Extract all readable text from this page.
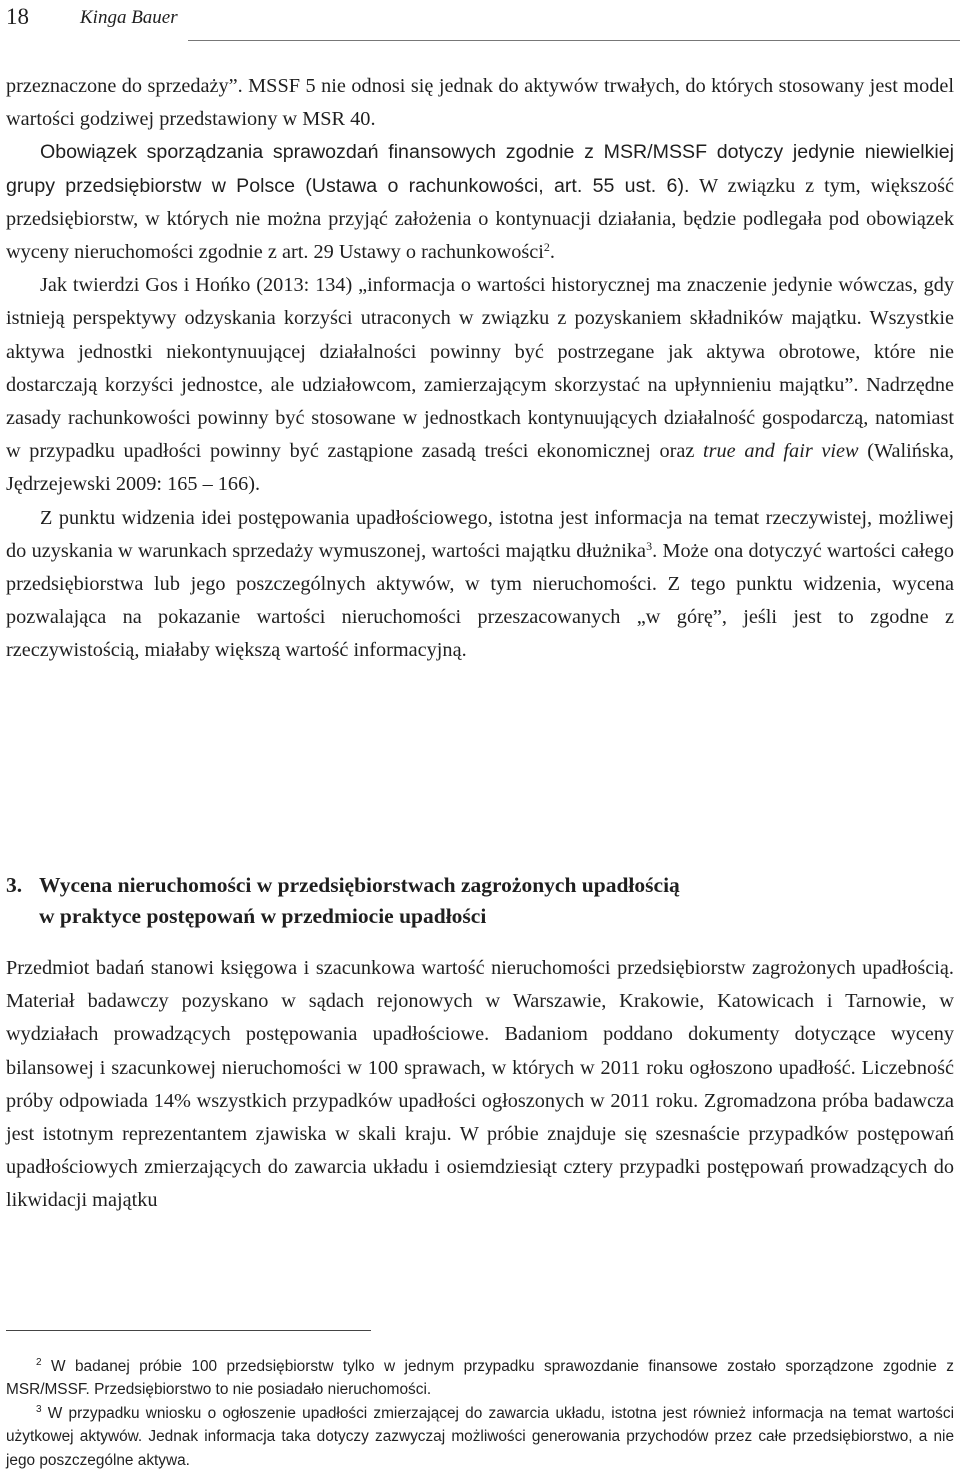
18	Kinga Bauer

przeznaczone do sprzedaży”. MSSF 5 nie odnosi się jednak do aktywów trwałych, do których stosowany jest model wartości godziwej przedstawiony w MSR 40.

Obowiązek sporządzania sprawozdań finansowych zgodnie z MSR/MSSF dotyczy jedynie niewielkiej grupy przedsiębiorstw w Polsce (Ustawa o rachunkowości, art. 55 ust. 6). W związku z tym, większość przedsiębiorstw, w których nie można przyjąć założenia o kontynuacji działania, będzie podlegała pod obowiązek wyceny nieruchomości zgodnie z art. 29 Ustawy o rachunkowości$^2$.

Jak twierdzi Gos i Hońko (2013: 134) „informacja o wartości historycznej ma znaczenie jedynie wówczas, gdy istnieją perspektywy odzyskania korzyści utraconych w związku z pozyskaniem składników majątku. Wszystkie aktywa jednostki niekontynuującej działalności powinny być postrzegane jak aktywa obrotowe, które nie dostarczają korzyści jednostce, ale udziałowcom, zamierzającym skorzystać na upłynnieniu majątku”. Nadrzędne zasady rachunkowości powinny być stosowane w jednostkach kontynuujących działalność gospodarczą, natomiast w przypadku upadłości powinny być zastąpione zasadą treści ekonomicznej oraz true and fair view (Walińska, Jędrzejewski 2009: 165 – 166).

Z punktu widzenia idei postępowania upadłościowego, istotna jest informacja na temat rzeczywistej, możliwej do uzyskania w warunkach sprzedaży wymuszonej, wartości majątku dłużnika$^3$. Może ona dotyczyć wartości całego przedsiębiorstwa lub jego poszczególnych aktywów, w tym nieruchomości. Z tego punktu widzenia, wycena pozwalająca na pokazanie wartości nieruchomości przeszacowanych „w górę”, jeśli jest to zgodne z rzeczywistością, miałaby większą wartość informacyjną.

3. Wycena nieruchomości w przedsiębiorstwach zagrożonych upadłością
w praktyce postępowań w przedmiocie upadłości
Przedmiot badań stanowi księgowa i szacunkowa wartość nieruchomości przedsiębiorstw zagrożonych upadłością. Materiał badawczy pozyskano w sądach rejonowych w Warszawie, Krakowie, Katowicach i Tarnowie, w wydziałach prowadzących postępowania upadłościowe. Badaniom poddano dokumenty dotyczące wyceny bilansowej i szacunkowej nieruchomości w 100 sprawach, w których w 2011 roku ogłoszono upadłość. Liczebność próby odpowiada 14% wszystkich przypadków upadłości ogłoszonych w 2011 roku. Zgromadzona próba badawcza jest istotnym reprezentantem zjawiska w skali kraju. W próbie znajduje się szesnaście przypadków postępowań upadłościowych zmierzających do zawarcia układu i osiemdziesiąt cztery przypadki postępowań prowadzących do likwidacji majątku

$^2$ W badanej próbie 100 przedsiębiorstw tylko w jednym przypadku sprawozdanie finansowe zostało sporządzone zgodnie z MSR/MSSF. Przedsiębiorstwo to nie posiadało nieruchomości.

$^3$ W przypadku wniosku o ogłoszenie upadłości zmierzającej do zawarcia układu, istotna jest również informacja na temat wartości użytkowej aktywów. Jednak informacja taka dotyczy zazwyczaj możliwości generowania przychodów przez całe przedsiębiorstwo, a nie jego poszczególne aktywa.
